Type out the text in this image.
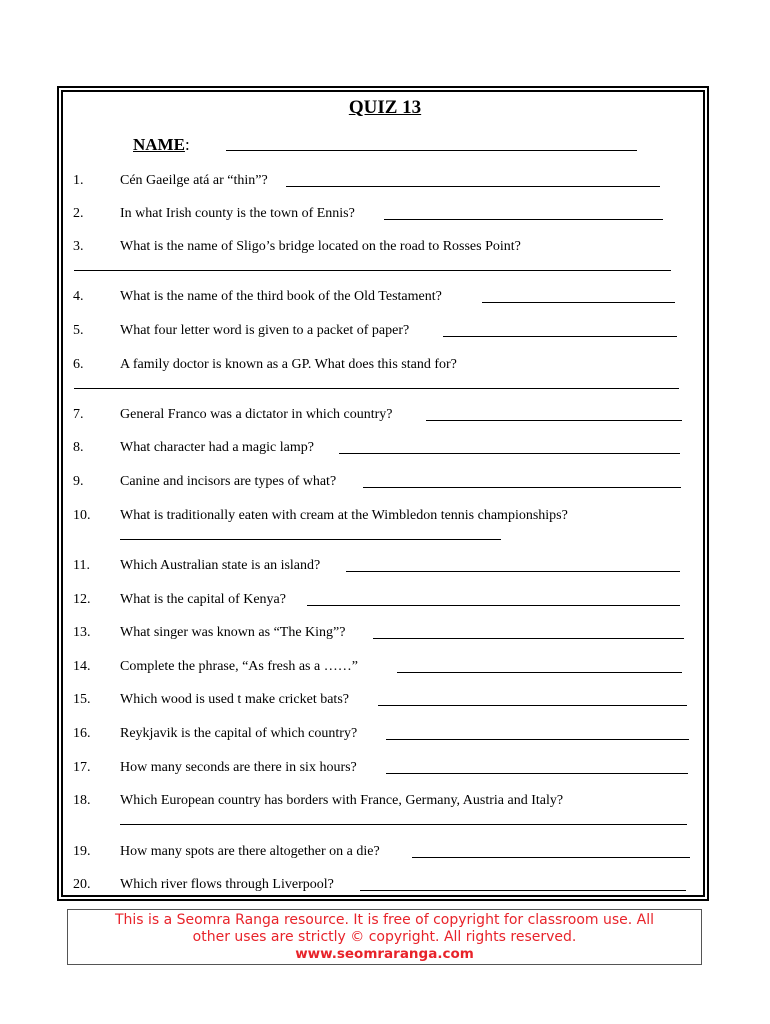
QUIZ 13
NAME:
1.	Cén Gaeilge atá ar “thin”?
2.	In what Irish county is the town of Ennis?
3.	What is the name of Sligo’s bridge located on the road to Rosses Point?
4.	What is the name of the third book of the Old Testament?
5.	What four letter word is given to a packet of paper?
6.	A family doctor is known as a GP. What does this stand for?
7.	General Franco was a dictator in which country?
8.	What character had a magic lamp?
9.	Canine and incisors are types of what?
10. What is traditionally eaten with cream at the Wimbledon tennis championships?
11. Which Australian state is an island?
12. What is the capital of Kenya?
13. What singer was known as “The King”?
14. Complete the phrase, “As fresh as a ……”
15. Which wood is used t make cricket bats?
16. Reykjavik is the capital of which country?
17. How many seconds are there in six hours?
18. Which European country has borders with France, Germany, Austria and Italy?
19. How many spots are there altogether on a die?
20. Which river flows through Liverpool?
This is a Seomra Ranga resource. It is free of copyright for classroom use. All
other uses are strictly © copyright. All rights reserved.
www.seomraranga.com
